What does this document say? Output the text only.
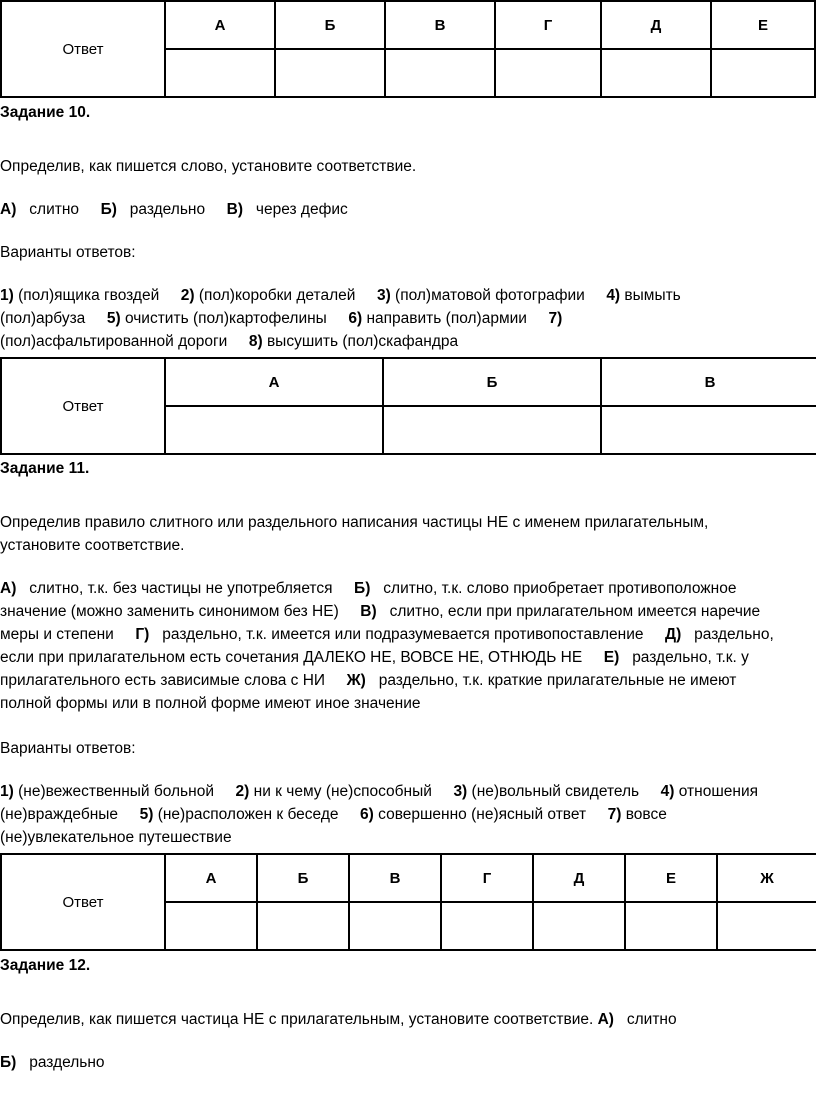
Ответ	А	Б	В	Г	Д	Е

Задание 10.
Определив, как пишется слово, установите соответствие.
А) слитно Б) раздельно В) через дефис
Варианты ответов:
1) (пол)ящика гвоздей 2) (пол)коробки деталей 3) (пол)матовой фотографии 4) вымыть
(пол)арбуза 5) очистить (пол)картофелины 6) направить (пол)армии 7)
(пол)асфальтированной дороги 8) высушить (пол)скафандра
Ответ	А	Б	В

Задание 11.
Определив правило слитного или раздельного написания частицы НЕ с именем прилагательным,
установите соответствие.
А) слитно, т.к. без частицы не употребляется Б) слитно, т.к. слово приобретает противоположное
значение (можно заменить синонимом без НЕ) В) слитно, если при прилагательном имеется наречие
меры и степени Г) раздельно, т.к. имеется или подразумевается противопоставление Д) раздельно,
если при прилагательном есть сочетания ДАЛЕКО НЕ, ВОВСЕ НЕ, ОТНЮДЬ НЕ Е) раздельно, т.к. у
прилагательного есть зависимые слова с НИ Ж) раздельно, т.к. краткие прилагательные не имеют
полной формы или в полной форме имеют иное значение
Варианты ответов:
1) (не)вежественный больной 2) ни к чему (не)способный 3) (не)вольный свидетель 4) отношения
(не)враждебные 5) (не)расположен к беседе 6) совершенно (не)ясный ответ 7) вовсе
(не)увлекательное путешествие
Ответ	А	Б	В	Г	Д	Е	Ж

Задание 12.
Определив, как пишется частица НЕ с прилагательным, установите соответствие. А) слитно
Б) раздельно
